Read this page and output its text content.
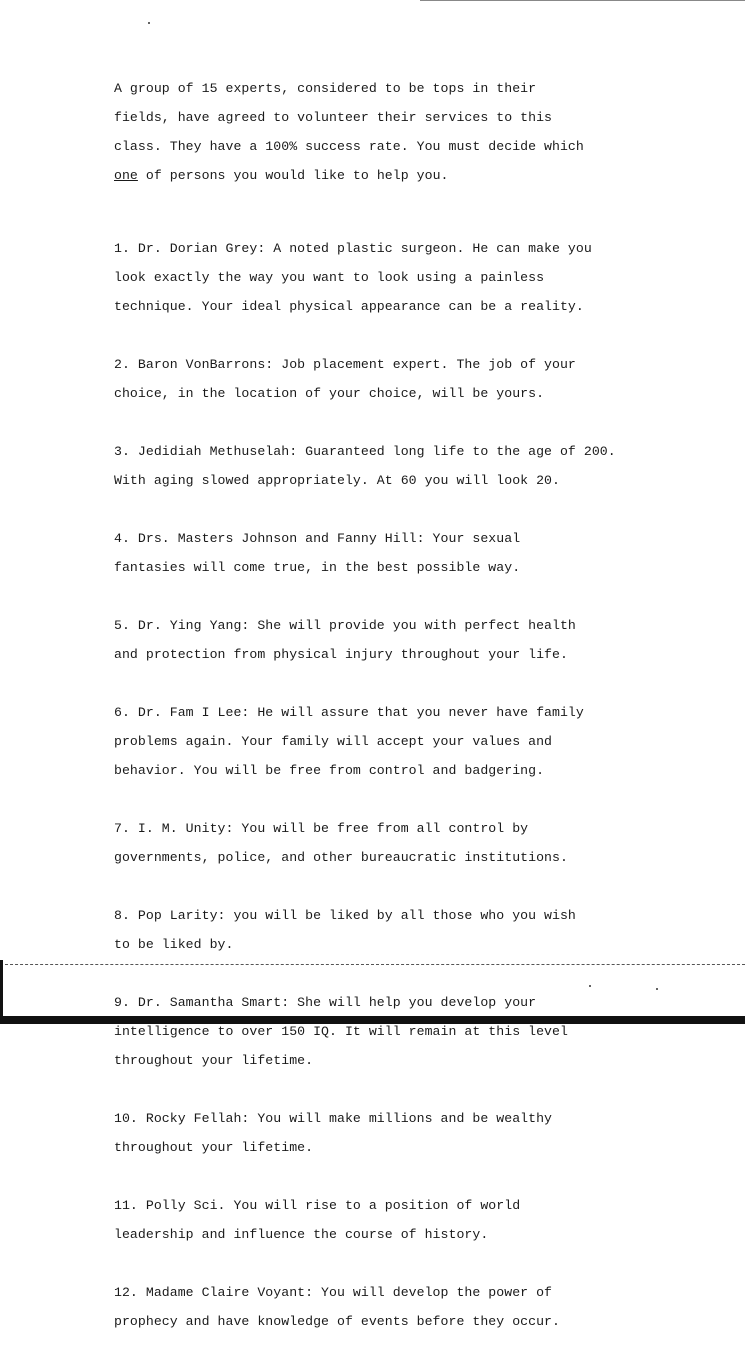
A group of 15 experts, considered to be tops in their

fields, have agreed to volunteer their services to this

class. They have a 100% success rate. You must decide which

one of persons you would like to help you.

1. Dr. Dorian Grey: A noted plastic surgeon. He can make you

look exactly the way you want to look using a painless

technique. Your ideal physical appearance can be a reality.

2. Baron VonBarrons: Job placement expert. The job of your

choice, in the location of your choice, will be yours.

3. Jedidiah Methuselah: Guaranteed long life to the age of 200.

With aging slowed appropriately. At 60 you will look 20.

4. Drs. Masters Johnson and Fanny Hill: Your sexual

fantasies will come true, in the best possible way.

5. Dr. Ying Yang: She will provide you with perfect health

and protection from physical injury throughout your life.

6. Dr. Fam I Lee: He will assure that you never have family

problems again. Your family will accept your values and

behavior. You will be free from control and badgering.

7. I. M. Unity: You will be free from all control by

governments, police, and other bureaucratic institutions.

8. Pop Larity: you will be liked by all those who you wish

to be liked by.

9. Dr. Samantha Smart: She will help you develop your

intelligence to over 150 IQ. It will remain at this level

throughout your lifetime.

10. Rocky Fellah: You will make millions and be wealthy

throughout your lifetime.

11. Polly Sci. You will rise to a position of world

leadership and influence the course of history.

12. Madame Claire Voyant: You will develop the power of

prophecy and have knowledge of events before they occur.
